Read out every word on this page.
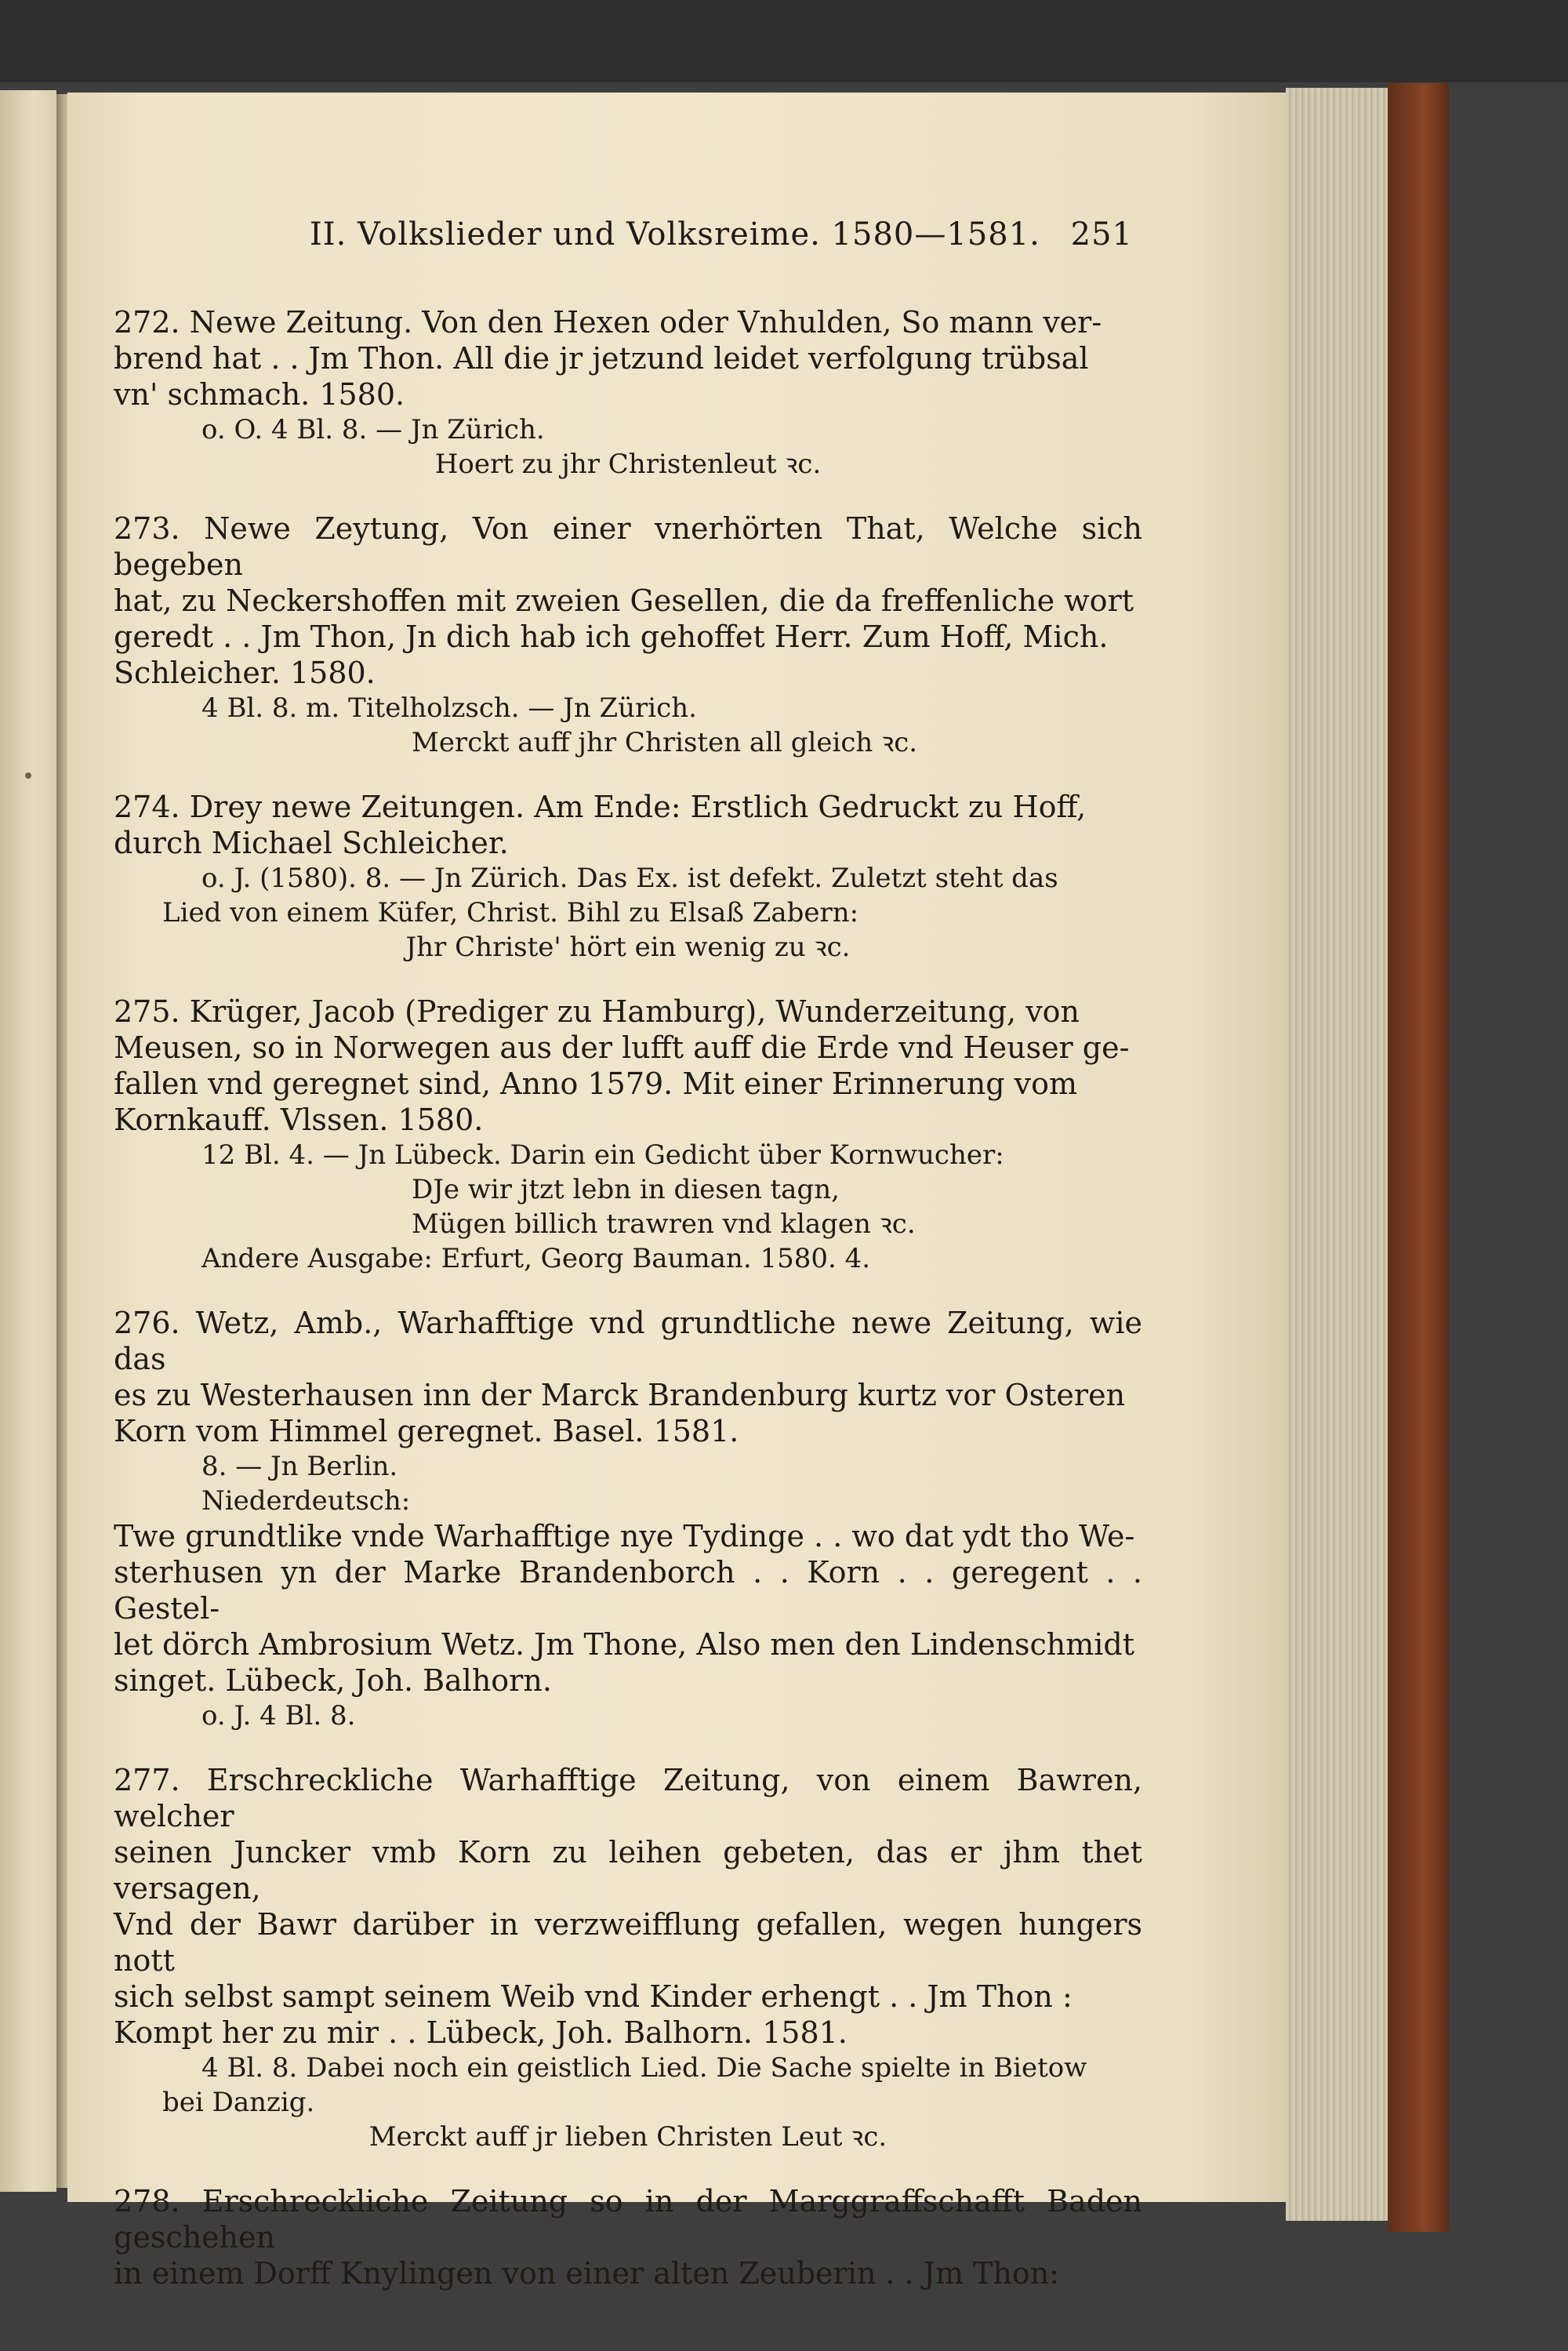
II. Volkslieder und Volksreime. 1580—1581. 251

272. Newe Zeitung. Von den Hexen oder Vnhulden, So mann ver-

brend hat . . Jm Thon. All die jr jetzund leidet verfolgung trübsal

vn' schmach. 1580.

o. O. 4 Bl. 8. — Jn Zürich.

Hoert zu jhr Christenleut ꝛc.

273. Newe Zeytung, Von einer vnerhörten That, Welche sich begeben

hat, zu Neckershoffen mit zweien Gesellen, die da freffenliche wort

geredt . . Jm Thon, Jn dich hab ich gehoffet Herr. Zum Hoff, Mich.

Schleicher. 1580.

4 Bl. 8. m. Titelholzsch. — Jn Zürich.

Merckt auff jhr Christen all gleich ꝛc.

274. Drey newe Zeitungen. Am Ende: Erstlich Gedruckt zu Hoff,

durch Michael Schleicher.

o. J. (1580). 8. — Jn Zürich. Das Ex. ist defekt. Zuletzt steht das

Lied von einem Küfer, Christ. Bihl zu Elsaß Zabern:

Jhr Christe' hört ein wenig zu ꝛc.

275. Krüger, Jacob (Prediger zu Hamburg), Wunderzeitung, von

Meusen, so in Norwegen aus der lufft auff die Erde vnd Heuser ge-

fallen vnd geregnet sind, Anno 1579. Mit einer Erinnerung vom

Kornkauff. Vlssen. 1580.

12 Bl. 4. — Jn Lübeck. Darin ein Gedicht über Kornwucher:

DJe wir jtzt lebn in diesen tagn,

Mügen billich trawren vnd klagen ꝛc.

Andere Ausgabe: Erfurt, Georg Bauman. 1580. 4.

276. Wetz, Amb., Warhafftige vnd grundtliche newe Zeitung, wie das

es zu Westerhausen inn der Marck Brandenburg kurtz vor Osteren

Korn vom Himmel geregnet. Basel. 1581.

8. — Jn Berlin.

Niederdeutsch:

Twe grundtlike vnde Warhafftige nye Tydinge . . wo dat ydt tho We-

sterhusen yn der Marke Brandenborch . . Korn . . geregent . . Gestel-

let dörch Ambrosium Wetz. Jm Thone, Also men den Lindenschmidt

singet. Lübeck, Joh. Balhorn.

o. J. 4 Bl. 8.

277. Erschreckliche Warhafftige Zeitung, von einem Bawren, welcher

seinen Juncker vmb Korn zu leihen gebeten, das er jhm thet versagen,

Vnd der Bawr darüber in verzweifflung gefallen, wegen hungers nott

sich selbst sampt seinem Weib vnd Kinder erhengt . . Jm Thon :

Kompt her zu mir . . Lübeck, Joh. Balhorn. 1581.

4 Bl. 8. Dabei noch ein geistlich Lied. Die Sache spielte in Bietow

bei Danzig.

Merckt auff jr lieben Christen Leut ꝛc.

278. Erschreckliche Zeitung so in der Marggraffschafft Baden geschehen

in einem Dorff Knylingen von einer alten Zeuberin . . Jm Thon:
